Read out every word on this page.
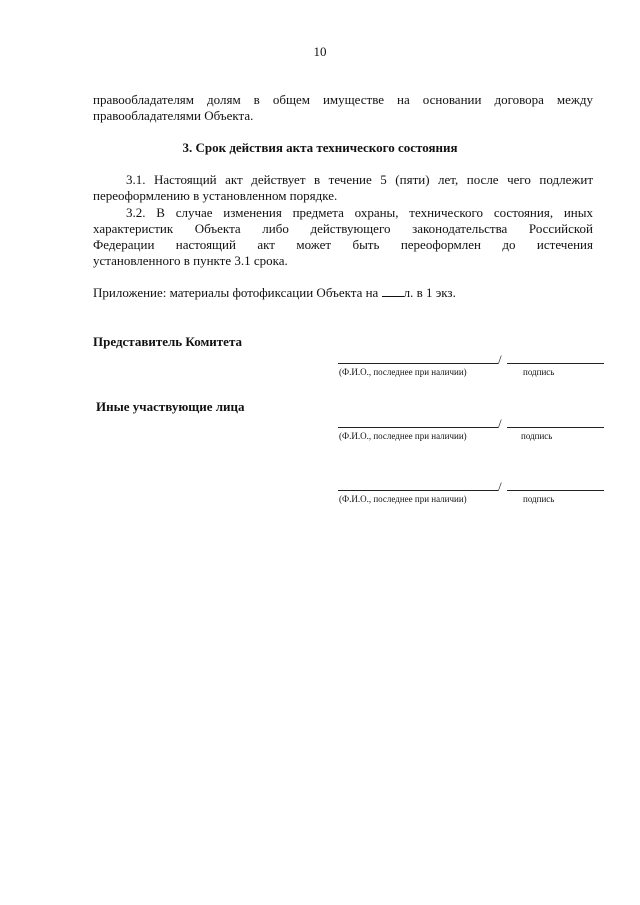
10
правообладателям долям в общем имуществе на основании договора между
правообладателями Объекта.
3. Срок действия акта технического состояния
3.1. Настоящий акт действует в течение 5 (пяти) лет, после чего подлежит
переоформлению в установленном порядке.
3.2. В случае изменения предмета охраны, технического состояния, иных
характеристик Объекта либо действующего законодательства Российской
Федерации настоящий акт может быть переоформлен до истечения
установленного в пункте 3.1 срока.
Приложение: материалы фотофиксации Объекта на л. в 1 экз.
Представитель Комитета
/
(Ф.И.О., последнее при наличии)	подпись
Иные участвующие лица
/
(Ф.И.О., последнее при наличии)	подпись
/
(Ф.И.О., последнее при наличии)	подпись
